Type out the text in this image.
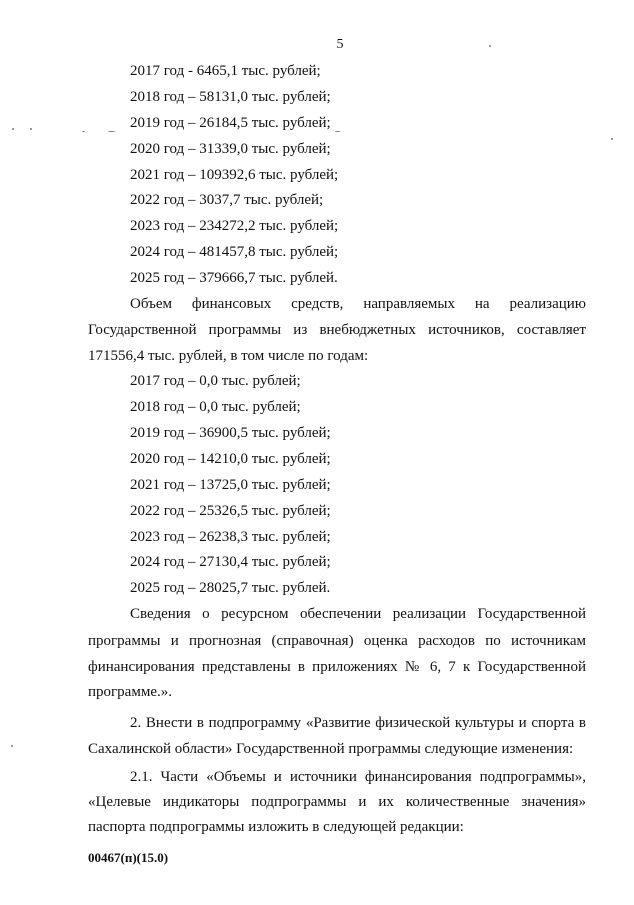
5
2017 год - 6465,1 тыс. рублей;
2018 год – 58131,0 тыс. рублей;
2019 год – 26184,5 тыс. рублей;
2020 год – 31339,0 тыс. рублей;
2021 год – 109392,6 тыс. рублей;
2022 год – 3037,7 тыс. рублей;
2023 год – 234272,2 тыс. рублей;
2024 год – 481457,8 тыс. рублей;
2025 год – 379666,7 тыс. рублей.
Объем финансовых средств, направляемых на реализацию
Государственной программы из внебюджетных источников, составляет
171556,4 тыс. рублей, в том числе по годам:
2017 год – 0,0 тыс. рублей;
2018 год – 0,0 тыс. рублей;
2019 год – 36900,5 тыс. рублей;
2020 год – 14210,0 тыс. рублей;
2021 год – 13725,0 тыс. рублей;
2022 год – 25326,5 тыс. рублей;
2023 год – 26238,3 тыс. рублей;
2024 год – 27130,4 тыс. рублей;
2025 год – 28025,7 тыс. рублей.
Сведения о ресурсном обеспечении реализации Государственной
программы и прогнозная (справочная) оценка расходов по источникам
финансирования представлены в приложениях № 6, 7 к Государственной
программе.».
2. Внести в подпрограмму «Развитие физической культуры и спорта в
Сахалинской области» Государственной программы следующие изменения:
2.1. Части «Объемы и источники финансирования подпрограммы»,
«Целевые индикаторы подпрограммы и их количественные значения»
паспорта подпрограммы изложить в следующей редакции:
00467(п)(15.0)
